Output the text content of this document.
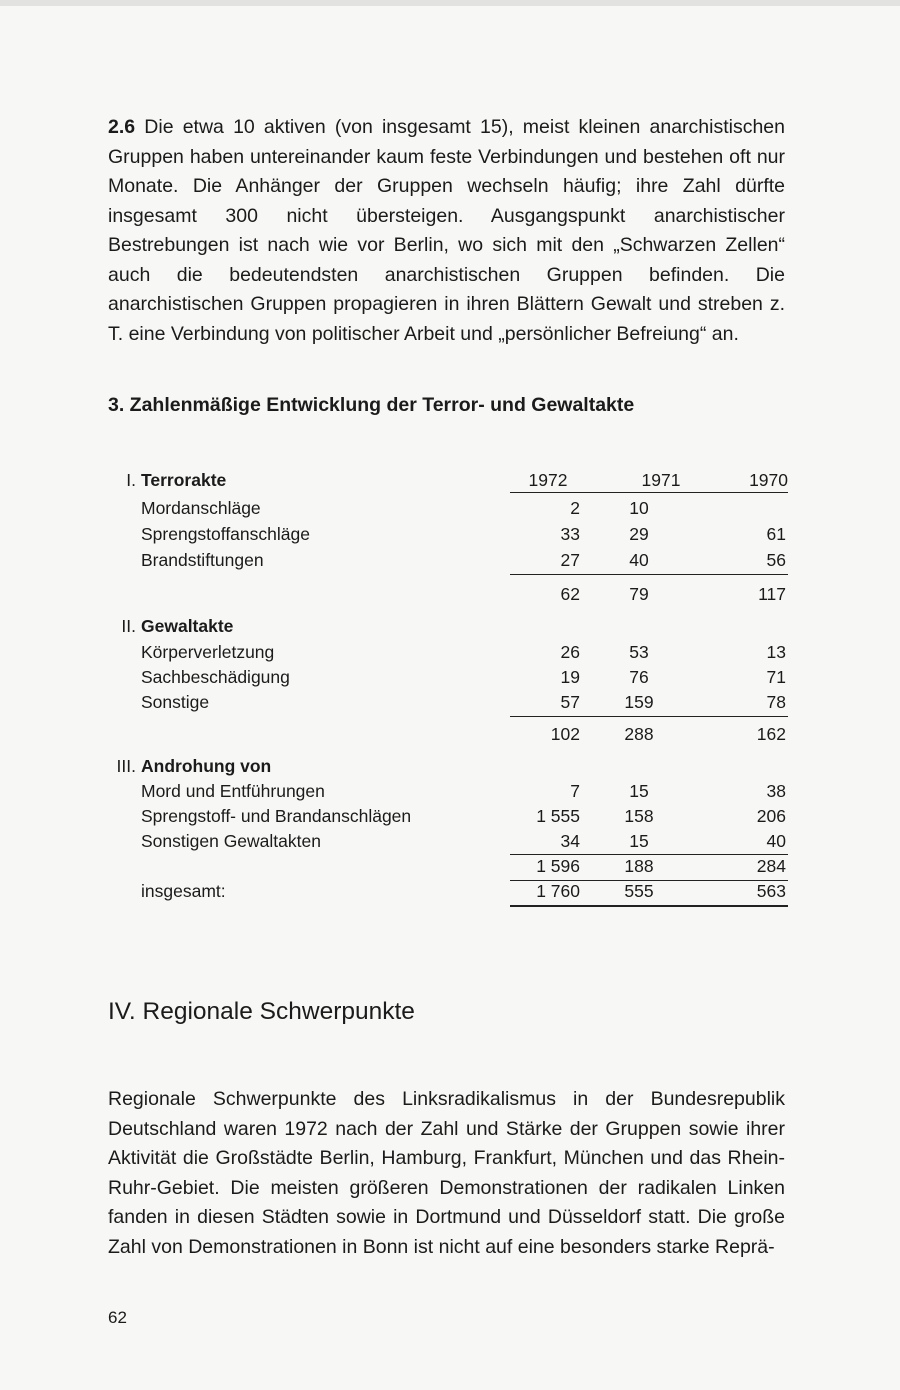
2.6 Die etwa 10 aktiven (von insgesamt 15), meist kleinen anarchistischen Gruppen haben untereinander kaum feste Verbindungen und bestehen oft nur Monate. Die Anhänger der Gruppen wechseln häufig; ihre Zahl dürfte insgesamt 300 nicht übersteigen. Ausgangspunkt anarchistischer Bestrebungen ist nach wie vor Berlin, wo sich mit den „Schwarzen Zellen“ auch die bedeutendsten anarchistischen Gruppen befinden. Die anarchistischen Gruppen propagieren in ihren Blättern Gewalt und streben z. T. eine Verbindung von politischer Arbeit und „persönlicher Befreiung“ an.

3. Zahlenmäßige Entwicklung der Terror- und Gewaltakte
1972	1971	1970
I. Terrorakte
Mordanschläge	2	10
Sprengstoffanschläge	33	29	61
Brandstiftungen	27	40	56
62	79	117
II. Gewaltakte
Körperverletzung	26	53	13
Sachbeschädigung	19	76	71
Sonstige	57	159	78
102	288	162
III. Androhung von
Mord und Entführungen	7	15	38
Sprengstoff- und Brandanschlägen	1 555	158	206
Sonstigen Gewaltakten	34	15	40
1 596	188	284
insgesamt:	1 760	555	563
IV. Regionale Schwerpunkte

Regionale Schwerpunkte des Linksradikalismus in der Bundesrepublik Deutschland waren 1972 nach der Zahl und Stärke der Gruppen sowie ihrer Aktivität die Großstädte Berlin, Hamburg, Frankfurt, München und das Rhein-Ruhr-Gebiet. Die meisten größeren Demonstrationen der radikalen Linken fanden in diesen Städten sowie in Dortmund und Düsseldorf statt. Die große Zahl von Demonstrationen in Bonn ist nicht auf eine besonders starke Reprä-

62
